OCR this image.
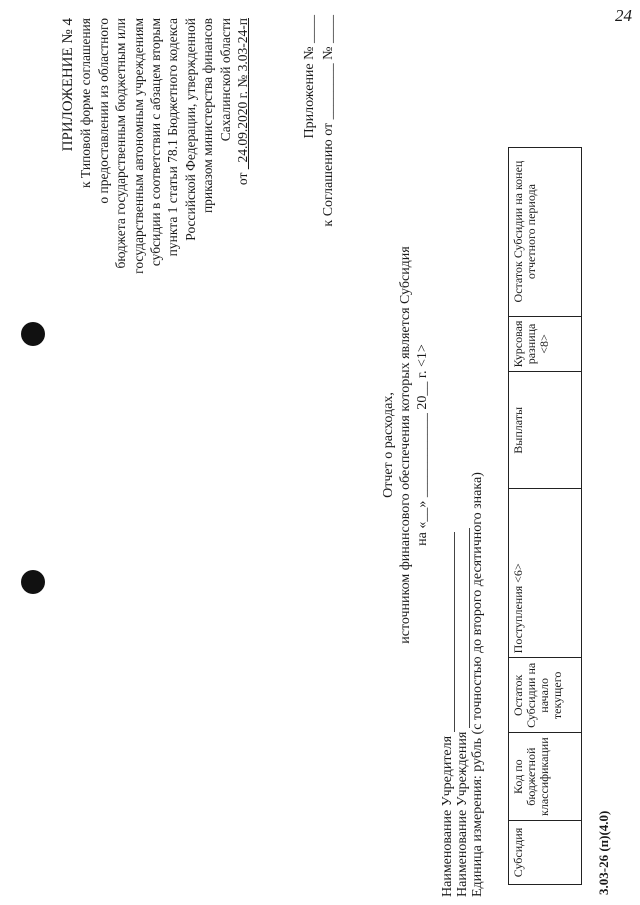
24
ПРИЛОЖЕНИЕ № 4 к Типовой форме соглашения о предоставлении из областного бюджета государственным бюджетным или государственным автономным учреждениям субсидии в соответствии с абзацем вторым пункта 1 статьи 78.1 Бюджетного кодекса Российской Федерации, утвержденной приказом министерства финансов Сахалинской области
от   24.09.2020 г. № 3.03-24-п	Приложение № ____ к Соглашению от ________ № ____
Отчет о расходах, источником финансового обеспечения которых является Субсидия на «__» ____________ 20__ г. <1>
Наименование Учредителя Наименование Учреждения Единица измерения: рубль (с точностью до второго десятичного знака) Субсидия	Код по бюджетной классификации	Остаток Субсидии на начало текущего	Поступления <6>	Выплаты	Курсовая разница <8>	Остаток Субсидии на конец отчетного периода
3.03-26 (п)(4.0)
